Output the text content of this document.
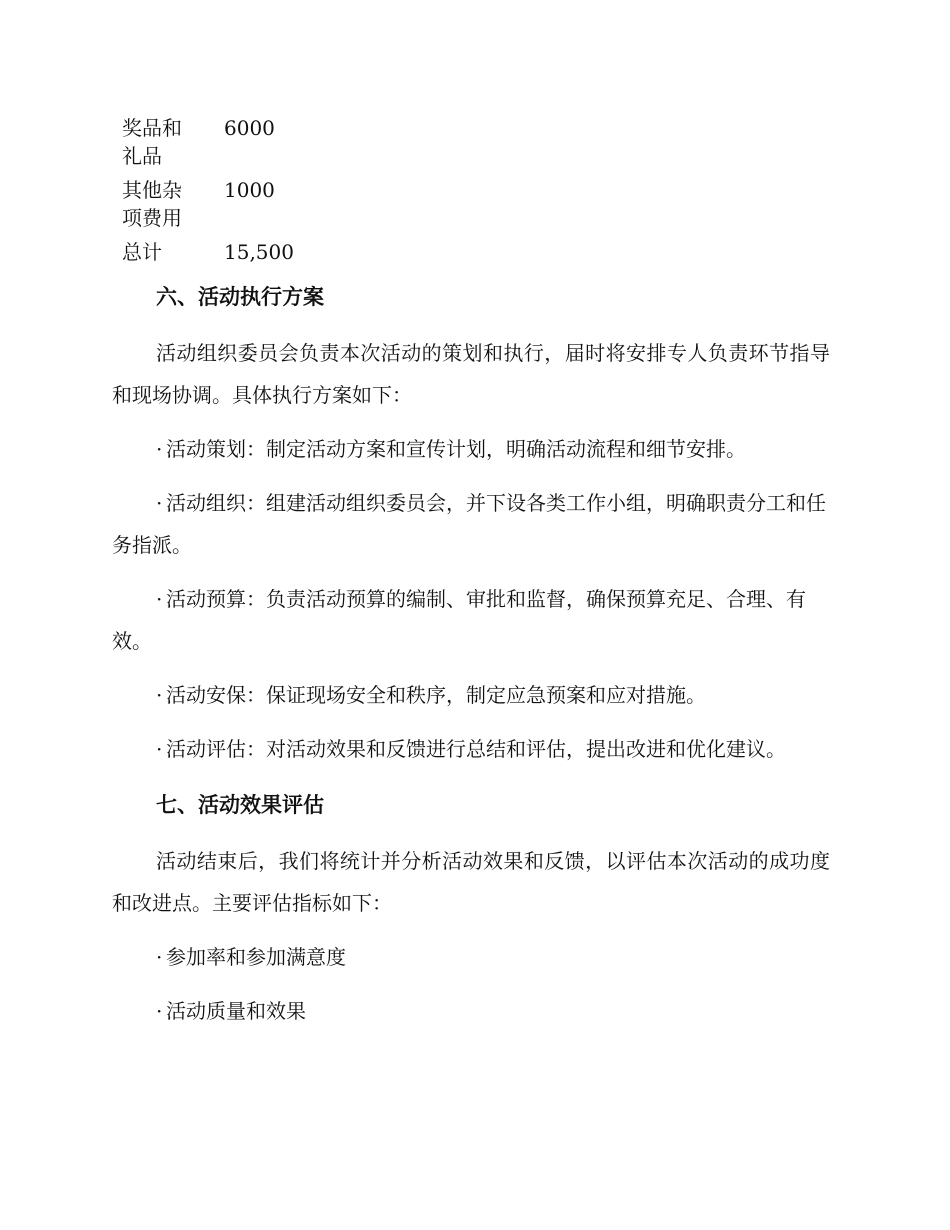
奖品和礼品	6000

其他杂项费用	1000

总计	15,500
六、活动执行方案

活动组织委员会负责本次活动的策划和执行，届时将安排专人负责环节指导和现场协调。具体执行方案如下：

· 活动策划：制定活动方案和宣传计划，明确活动流程和细节安排。

· 活动组织：组建活动组织委员会，并下设各类工作小组，明确职责分工和任务指派。

· 活动预算：负责活动预算的编制、审批和监督，确保预算充足、合理、有效。

· 活动安保：保证现场安全和秩序，制定应急预案和应对措施。

· 活动评估：对活动效果和反馈进行总结和评估，提出改进和优化建议。

七、活动效果评估

活动结束后，我们将统计并分析活动效果和反馈，以评估本次活动的成功度和改进点。主要评估指标如下：

· 参加率和参加满意度

· 活动质量和效果
